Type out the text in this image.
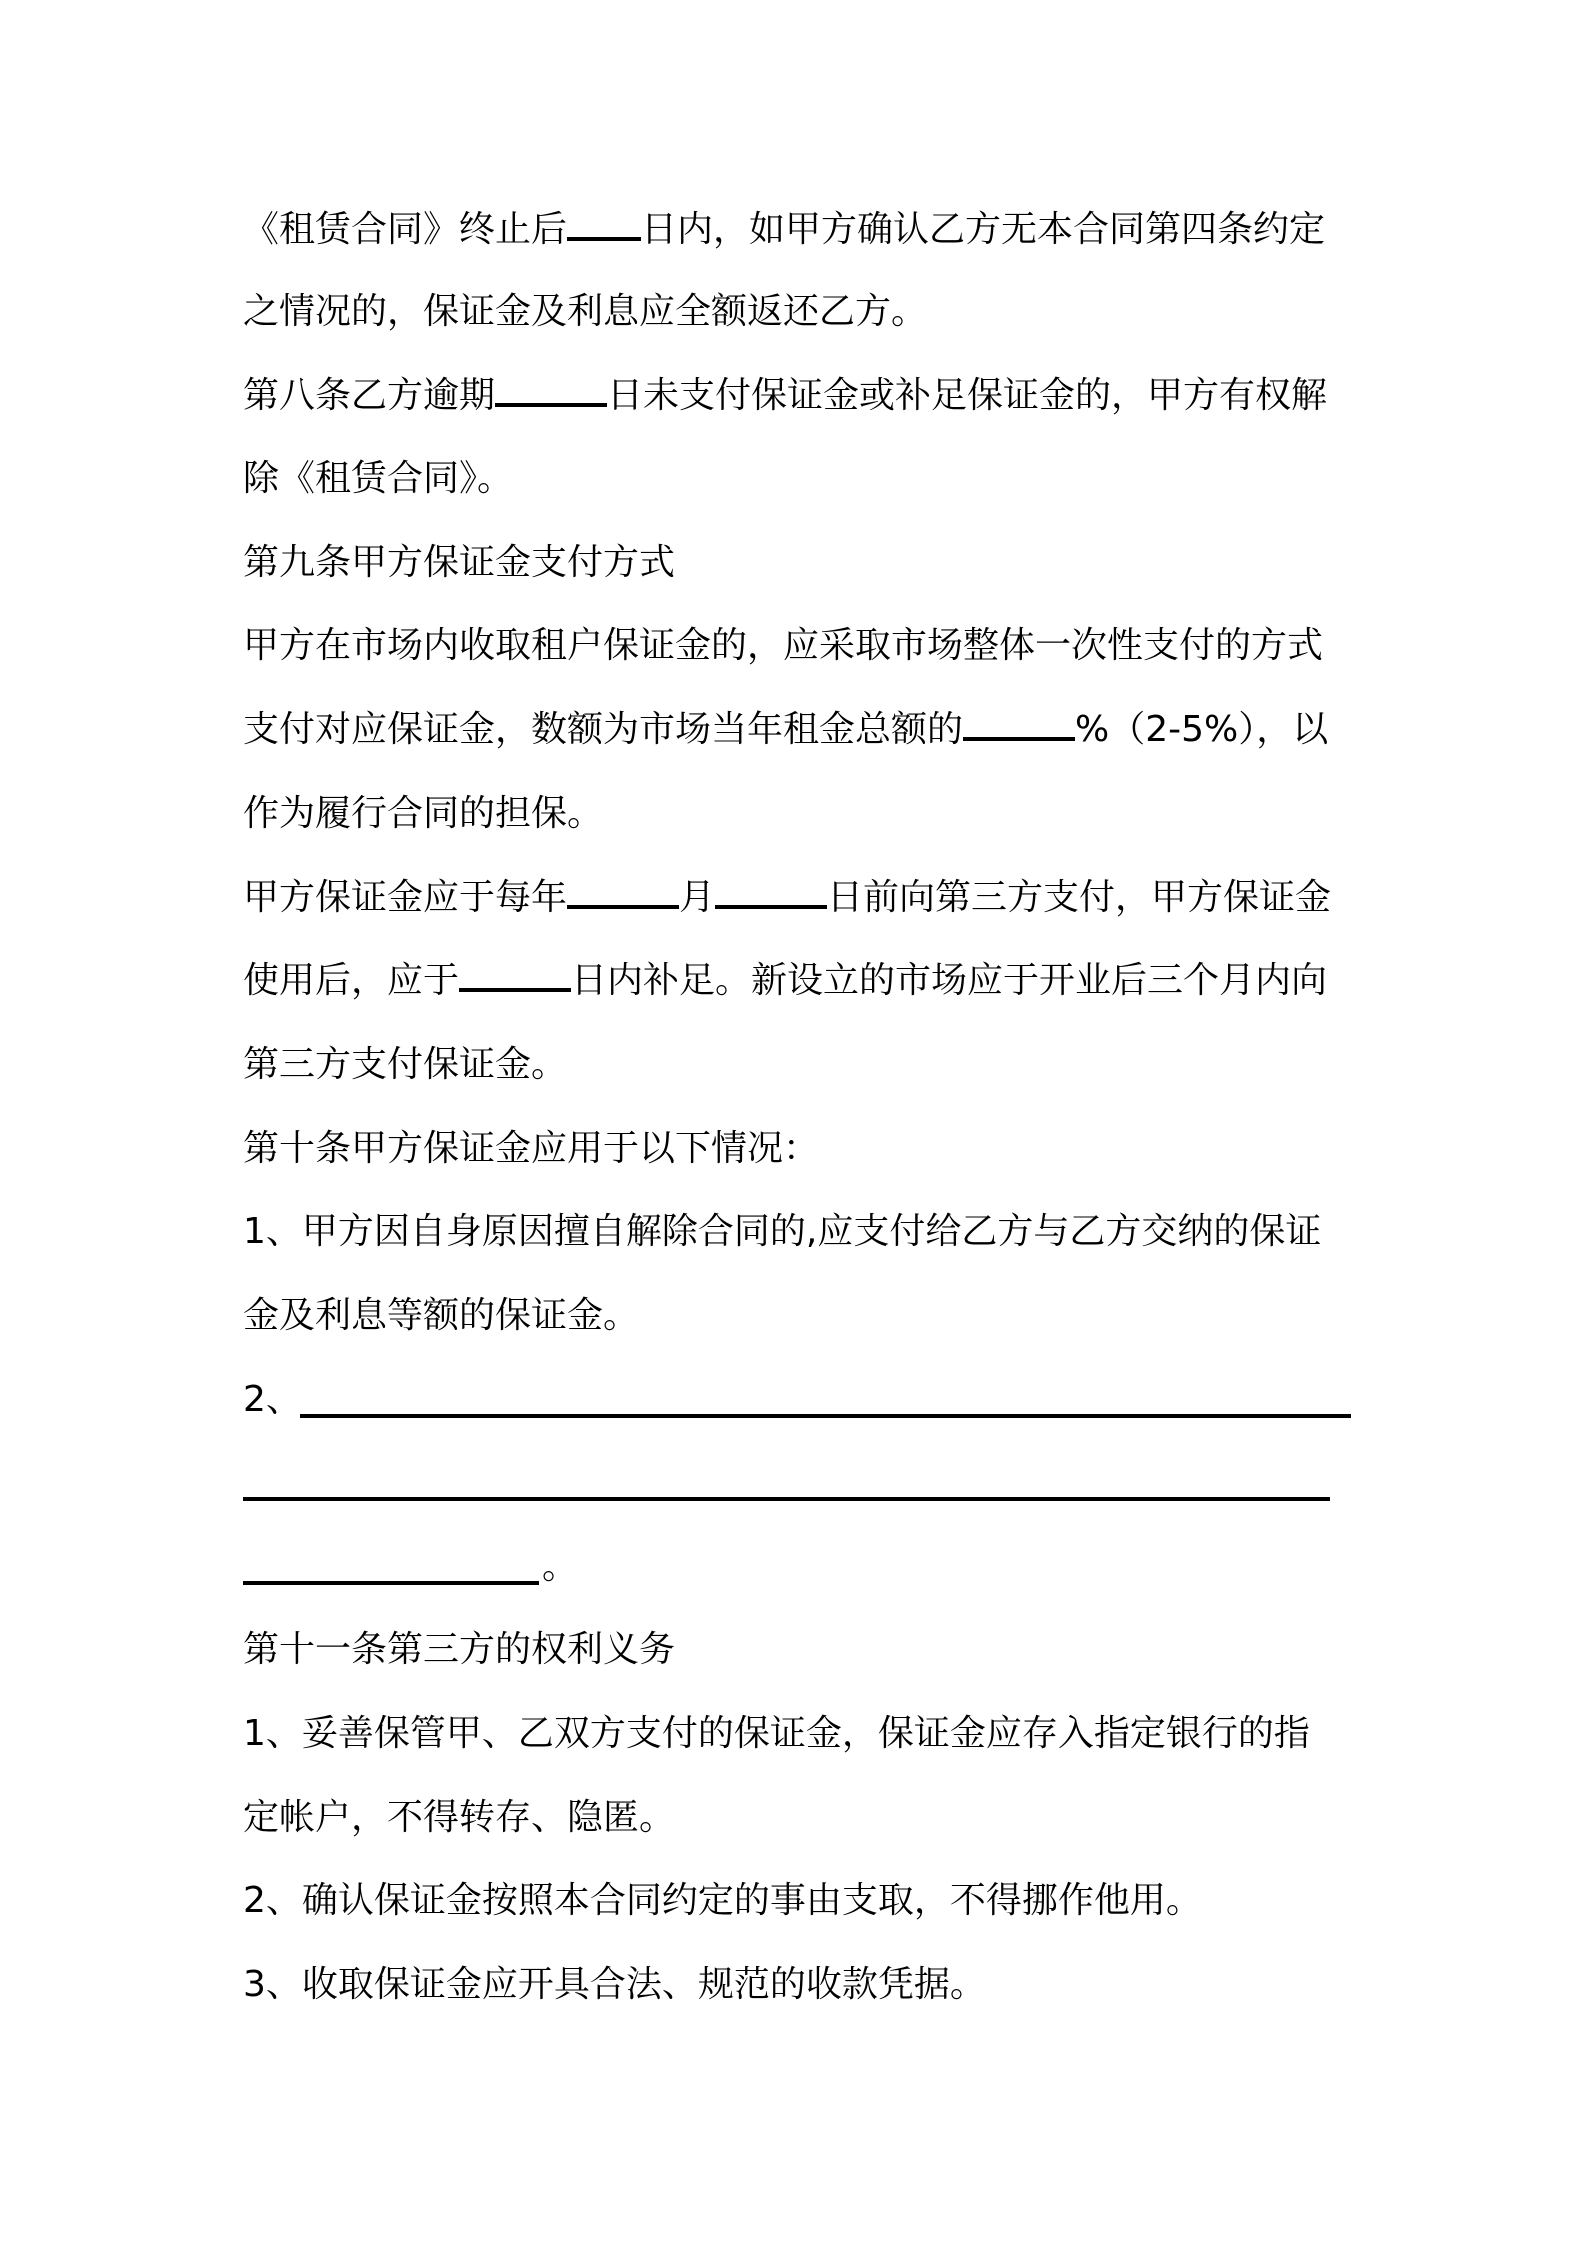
《租赁合同》终止后 日内，如甲方确认乙方无本合同第四条约定
之情况的，保证金及利息应全额返还乙方。
第八条乙方逾期	日未支付保证金或补足保证金的，甲方有权解
除《租赁合同》。
第九条甲方保证金支付方式
甲方在市场内收取租户保证金的，应采取市场整体一次性支付的方式
支付对应保证金，数额为市场当年租金总额的	%（2-5%），以
作为履行合同的担保。
甲方保证金应于每年	月	日前向第三方支付，甲方保证金
使用后，应于	日内补足。新设立的市场应于开业后三个月内向
第三方支付保证金。
第十条甲方保证金应用于以下情况：
1、甲方因自身原因擅自解除合同的,应支付给乙方与乙方交纳的保证
金及利息等额的保证金。
2、
。
第十一条第三方的权利义务
1、妥善保管甲、乙双方支付的保证金，保证金应存入指定银行的指
定帐户，不得转存、隐匿。
2、确认保证金按照本合同约定的事由支取，不得挪作他用。
3、收取保证金应开具合法、规范的收款凭据。
